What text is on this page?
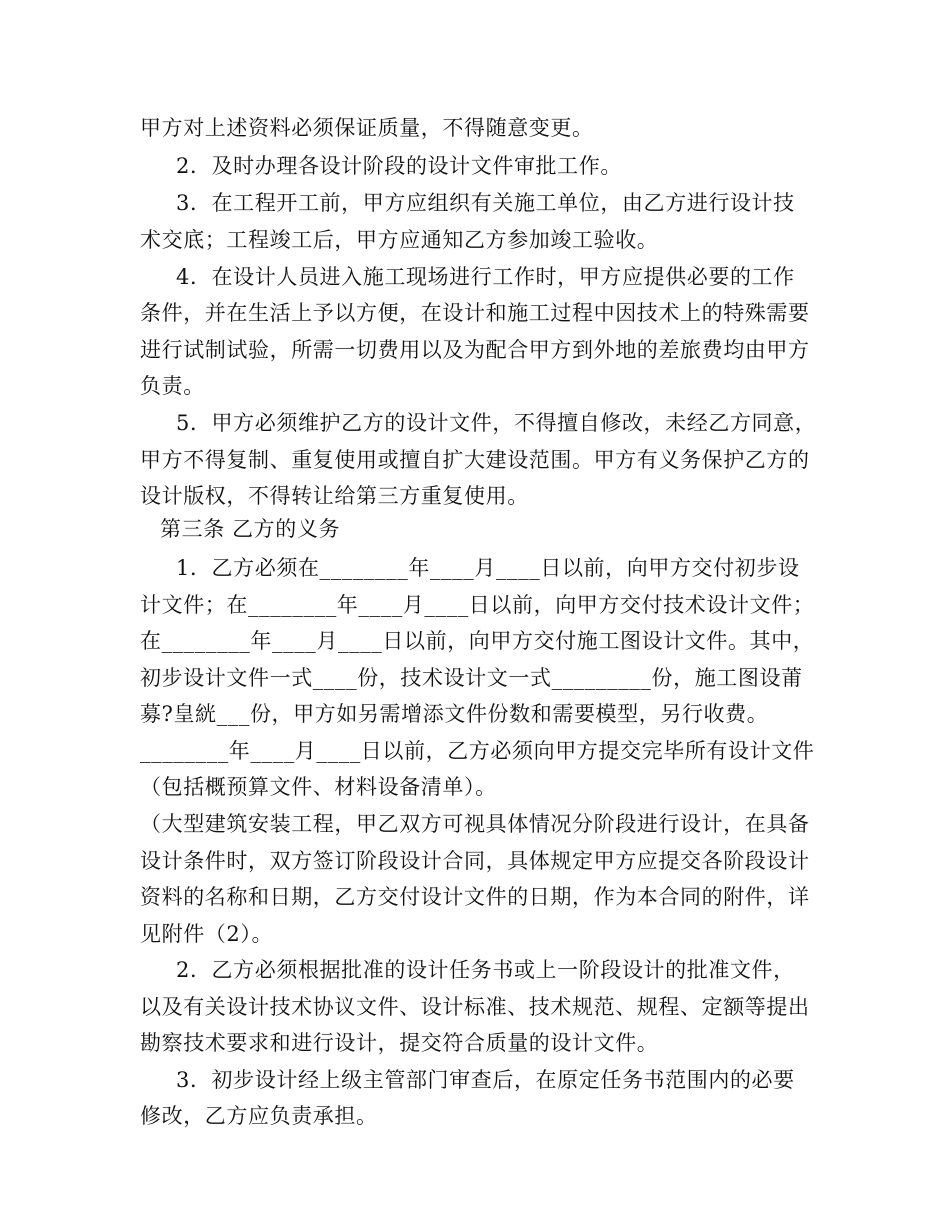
甲方对上述资料必须保证质量，不得随意变更。
2．及时办理各设计阶段的设计文件审批工作。
3．在工程开工前，甲方应组织有关施工单位，由乙方进行设计技
术交底；工程竣工后，甲方应通知乙方参加竣工验收。
4．在设计人员进入施工现场进行工作时，甲方应提供必要的工作
条件，并在生活上予以方便，在设计和施工过程中因技术上的特殊需要
进行试制试验，所需一切费用以及为配合甲方到外地的差旅费均由甲方
负责。
5．甲方必须维护乙方的设计文件，不得擅自修改，未经乙方同意，
甲方不得复制、重复使用或擅自扩大建设范围。甲方有义务保护乙方的
设计版权，不得转让给第三方重复使用。
第三条 乙方的义务
1．乙方必须在________年____月____日以前，向甲方交付初步设
计文件；在________年____月____日以前，向甲方交付技术设计文件；
在________年____月____日以前，向甲方交付施工图设计文件。其中，
初步设计文件一式____份，技术设计文一式_________份，施工图设莆
募?皇絖___份，甲方如另需增添文件份数和需要模型，另行收费。
________年____月____日以前，乙方必须向甲方提交完毕所有设计文件
（包括概预算文件、材料设备清单）。
（大型建筑安装工程，甲乙双方可视具体情况分阶段进行设计，在具备
设计条件时，双方签订阶段设计合同，具体规定甲方应提交各阶段设计
资料的名称和日期，乙方交付设计文件的日期，作为本合同的附件，详
见附件（2）。
2．乙方必须根据批准的设计任务书或上一阶段设计的批准文件，
以及有关设计技术协议文件、设计标准、技术规范、规程、定额等提出
勘察技术要求和进行设计，提交符合质量的设计文件。
3．初步设计经上级主管部门审查后，在原定任务书范围内的必要
修改，乙方应负责承担。
